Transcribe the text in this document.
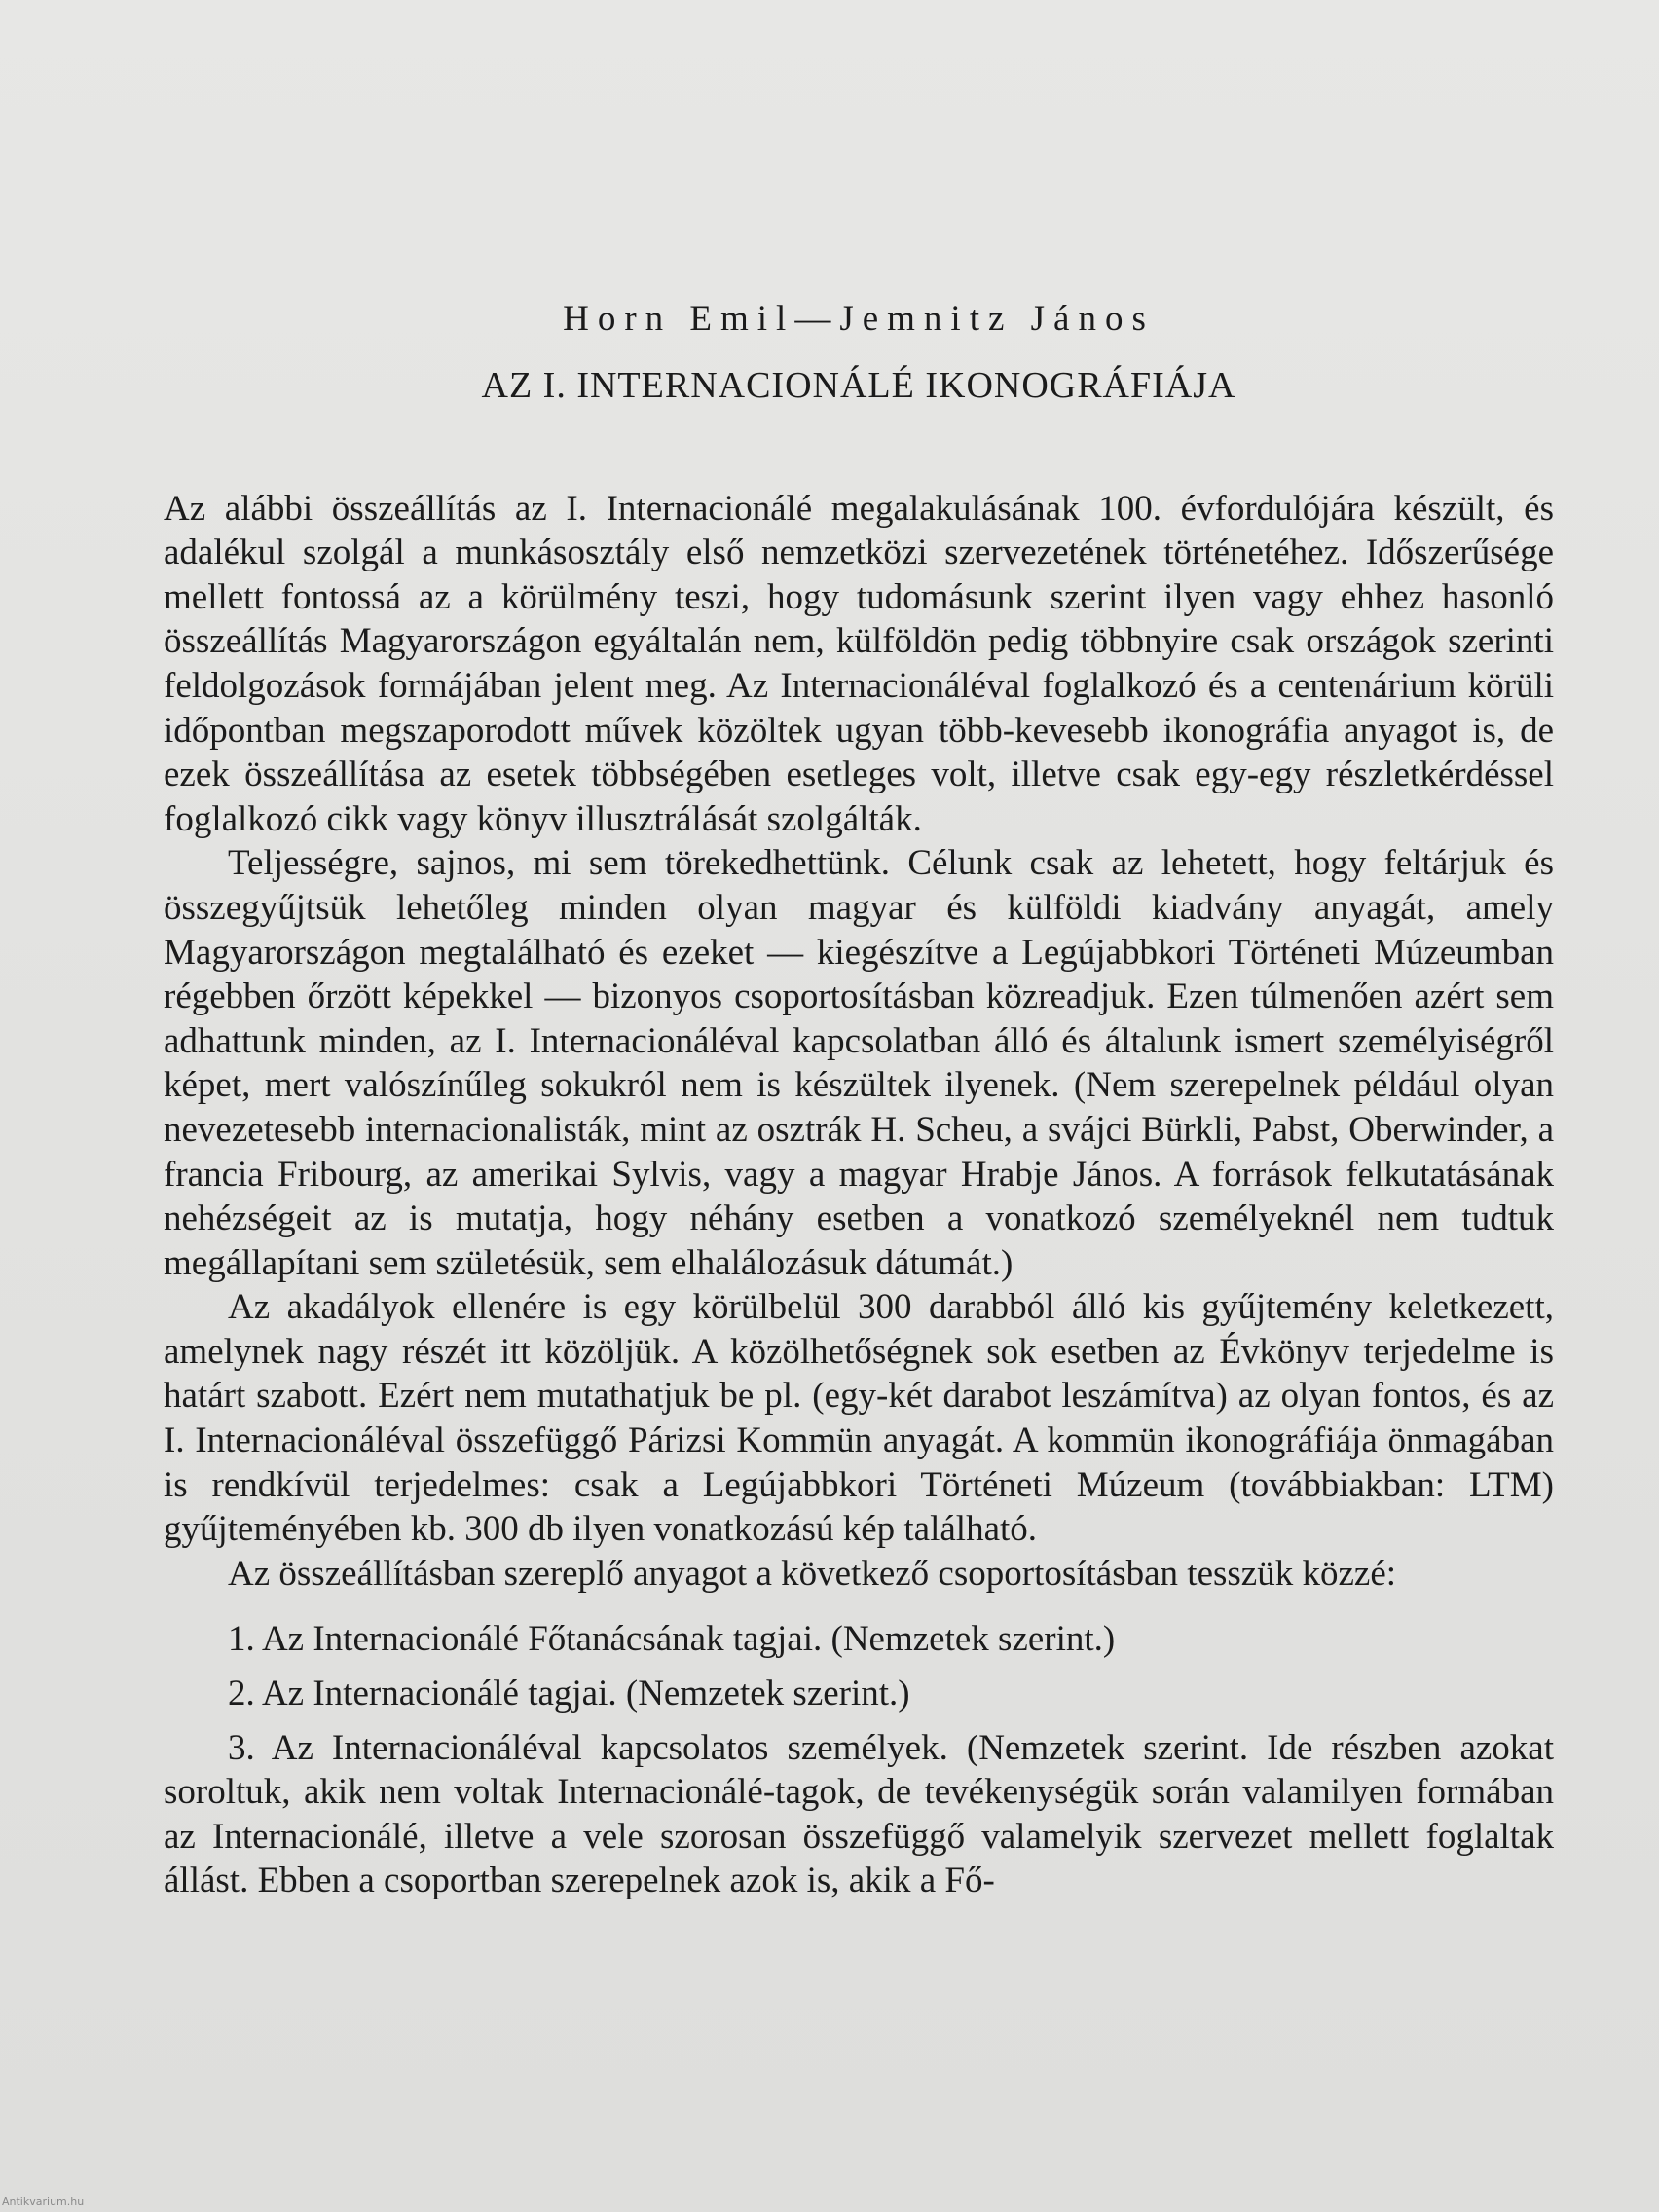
Horn Emil—Jemnitz János
AZ I. INTERNACIONÁLÉ IKONOGRÁFIÁJA

Az alábbi összeállítás az I. Internacionálé megalakulásának 100. évfordulójára készült, és adalékul szolgál a munkásosztály első nemzetközi szervezetének történetéhez. Időszerűsége mellett fontossá az a körülmény teszi, hogy tudomásunk szerint ilyen vagy ehhez hasonló összeállítás Magyarországon egyáltalán nem, külföldön pedig többnyire csak országok szerinti feldolgozások formájában jelent meg. Az Internacionáléval foglalkozó és a centenárium körüli időpontban megszaporodott művek közöltek ugyan több-kevesebb ikonográfia anyagot is, de ezek összeállítása az esetek többségében esetleges volt, illetve csak egy-egy részletkérdéssel foglalkozó cikk vagy könyv illusztrálását szolgálták.

Teljességre, sajnos, mi sem törekedhettünk. Célunk csak az lehetett, hogy feltárjuk és összegyűjtsük lehetőleg minden olyan magyar és külföldi kiadvány anyagát, amely Magyarországon megtalálható és ezeket — kiegészítve a Legújabbkori Történeti Múzeumban régebben őrzött képekkel — bizonyos csoportosításban közreadjuk. Ezen túlmenően azért sem adhattunk minden, az I. Internacionáléval kapcsolatban álló és általunk ismert személyiségről képet, mert valószínűleg sokukról nem is készültek ilyenek. (Nem szerepelnek például olyan nevezetesebb internacionalisták, mint az osztrák H. Scheu, a svájci Bürkli, Pabst, Oberwinder, a francia Fribourg, az amerikai Sylvis, vagy a magyar Hrabje János. A források felkutatásának nehézségeit az is mutatja, hogy néhány esetben a vonatkozó személyeknél nem tudtuk megállapítani sem születésük, sem elhalálozásuk dátumát.)

Az akadályok ellenére is egy körülbelül 300 darabból álló kis gyűjtemény keletkezett, amelynek nagy részét itt közöljük. A közölhetőségnek sok esetben az Évkönyv terjedelme is határt szabott. Ezért nem mutathatjuk be pl. (egy-két darabot leszámítva) az olyan fontos, és az I. Internacionáléval összefüggő Párizsi Kommün anyagát. A kommün ikonográfiája önmagában is rendkívül terjedelmes: csak a Legújabbkori Történeti Múzeum (továbbiakban: LTM) gyűjteményében kb. 300 db ilyen vonatkozású kép található.

Az összeállításban szereplő anyagot a következő csoportosításban tesszük közzé:

1. Az Internacionálé Főtanácsának tagjai. (Nemzetek szerint.)
2. Az Internacionálé tagjai. (Nemzetek szerint.)
3. Az Internacionáléval kapcsolatos személyek. (Nemzetek szerint. Ide részben azokat soroltuk, akik nem voltak Internacionálé-tagok, de tevékenységük során valamilyen formában az Internacionálé, illetve a vele szorosan összefüggő valamelyik szervezet mellett foglaltak állást. Ebben a csoportban szerepelnek azok is, akik a Fő-
Antikvarium.hu
